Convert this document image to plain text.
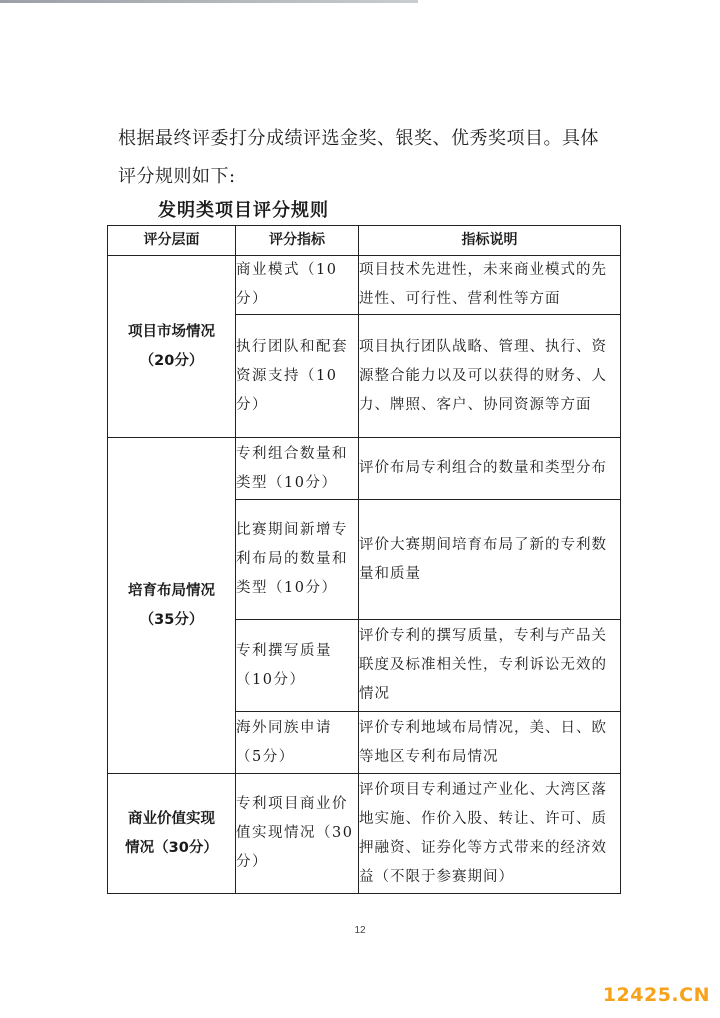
根据最终评委打分成绩评选金奖、银奖、优秀奖项目。具体评分规则如下:
发明类项目评分规则
评分层面	评分指标	指标说明

项目市场情况
（20分）	商业模式（10分）	项目技术先进性，未来商业模式的先进性、可行性、营利性等方面
	执行团队和配套资源支持（10分）	项目执行团队战略、管理、执行、资源整合能力以及可以获得的财务、人力、牌照、客户、协同资源等方面

培育布局情况
（35分）	专利组合数量和类型（10分）	评价布局专利组合的数量和类型分布
	比赛期间新增专利布局的数量和类型（10分）	评价大赛期间培育布局了新的专利数量和质量
	专利撰写质量（10分）	评价专利的撰写质量，专利与产品关联度及标准相关性，专利诉讼无效的情况
	海外同族申请（5分）	评价专利地域布局情况，美、日、欧等地区专利布局情况

商业价值实现
情况（30分）	专利项目商业价值实现情况（30分）	评价项目专利通过产业化、大湾区落地实施、作价入股、转让、许可、质押融资、证券化等方式带来的经济效益（不限于参赛期间）
12
12425.CN
